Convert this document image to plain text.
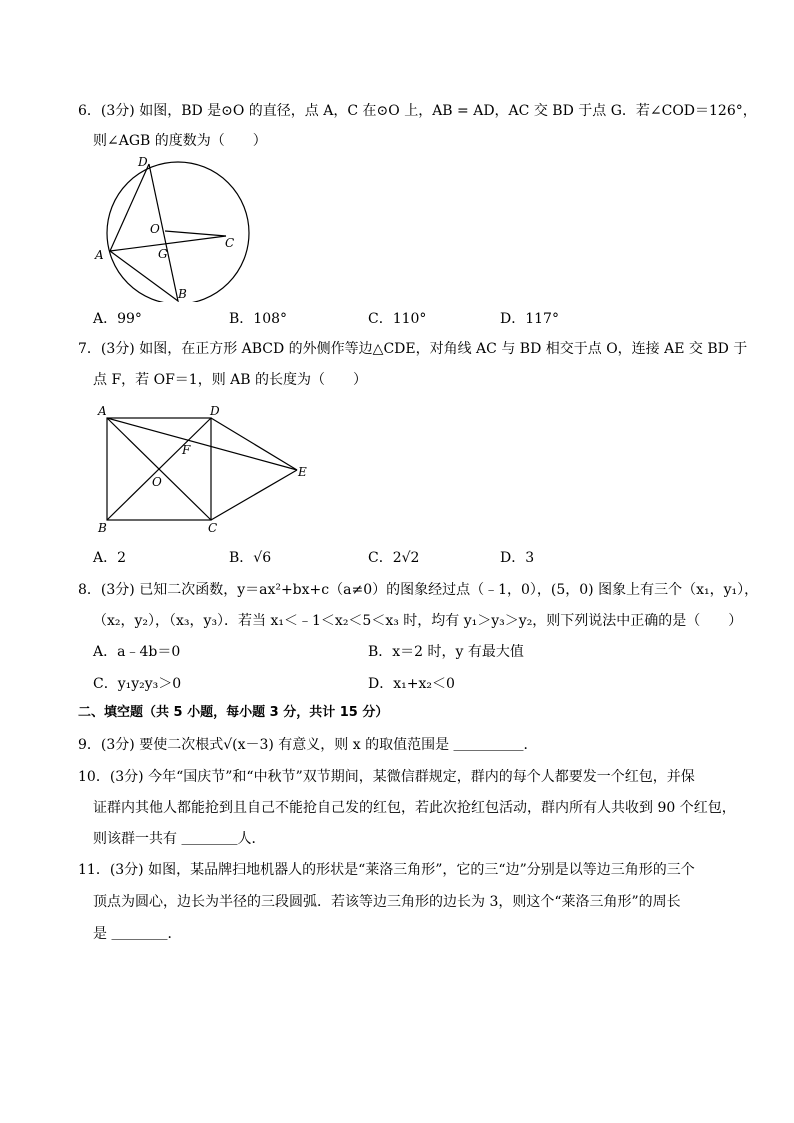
6．(3分) 如图，BD 是⊙O 的直径，点 A，C 在⊙O 上，AB = AD，AC 交 BD 于点 G．若∠COD＝126°，
则∠AGB 的度数为（　　）
D
O
G
A
C
B
A．99°	B．108°	C．110°	D．117°
7．(3分) 如图，在正方形 ABCD 的外侧作等边△CDE，对角线 AC 与 BD 相交于点 O，连接 AE 交 BD 于
点 F，若 OF＝1，则 AB 的长度为（　　）
A	D
F
E
O
B	C
A．2	B．√6	C．2√2	D．3
8．(3分) 已知二次函数，y＝ax²+bx+c（a≠0）的图象经过点（﹣1，0），(5，0) 图象上有三个（x₁，y₁），
（x₂，y₂），（x₃，y₃）．若当 x₁＜﹣1＜x₂＜5＜x₃ 时，均有 y₁＞y₃＞y₂，则下列说法中正确的是（　　）
A．a﹣4b＝0	B．x＝2 时，y 有最大值
C．y₁y₂y₃＞0	D．x₁+x₂＜0
二、填空题（共 5 小题，每小题 3 分，共计 15 分）
9．(3分) 要使二次根式√(x－3) 有意义，则 x 的取值范围是 ＿＿＿＿＿．
10．(3分) 今年“国庆节”和“中秋节”双节期间，某微信群规定，群内的每个人都要发一个红包，并保
证群内其他人都能抢到且自己不能抢自己发的红包，若此次抢红包活动，群内所有人共收到 90 个红包，
则该群一共有 ＿＿＿＿人．
11．(3分) 如图，某品牌扫地机器人的形状是“莱洛三角形”，它的三“边”分别是以等边三角形的三个
顶点为圆心，边长为半径的三段圆弧．若该等边三角形的边长为 3，则这个“莱洛三角形”的周长
是 ＿＿＿＿．
